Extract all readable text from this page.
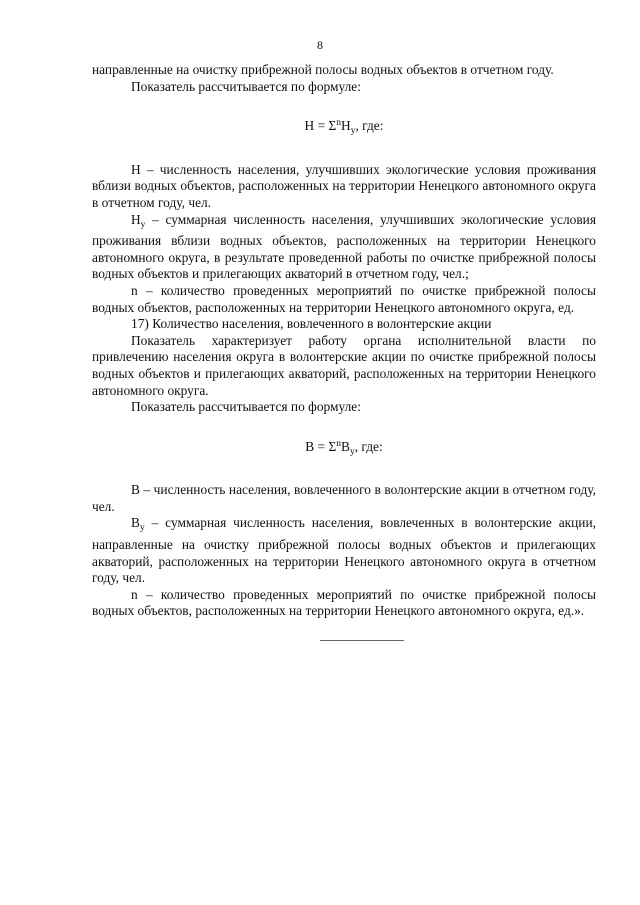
8

направленные на очистку прибрежной полосы водных объектов в отчетном году.

Показатель рассчитывается по формуле:

$Н = \Sigma^nН_у$, где:

Н – численность населения, улучшивших экологические условия проживания вблизи водных объектов, расположенных на территории Ненецкого автономного округа в отчетном году, чел.

$Н_у$ – суммарная численность населения, улучшивших экологические условия проживания вблизи водных объектов, расположенных на территории Ненецкого автономного округа, в результате проведенной работы по очистке прибрежной полосы водных объектов и прилегающих акваторий в отчетном году, чел.;

n – количество проведенных мероприятий по очистке прибрежной полосы водных объектов, расположенных на территории Ненецкого автономного округа, ед.

17) Количество населения, вовлеченного в волонтерские акции

Показатель характеризует работу органа исполнительной власти по привлечению населения округа в волонтерские акции по очистке прибрежной полосы водных объектов и прилегающих акваторий, расположенных на территории Ненецкого автономного округа.

Показатель рассчитывается по формуле:

$В = \Sigma^nВ_у$, где:

В – численность населения, вовлеченного в волонтерские акции в отчетном году, чел.

$В_у$ – суммарная численность населения, вовлеченных в волонтерские акции, направленные на очистку прибрежной полосы водных объектов и прилегающих акваторий, расположенных на территории Ненецкого автономного округа в отчетном году, чел.

n – количество проведенных мероприятий по очистке прибрежной полосы водных объектов, расположенных на территории Ненецкого автономного округа, ед.».
